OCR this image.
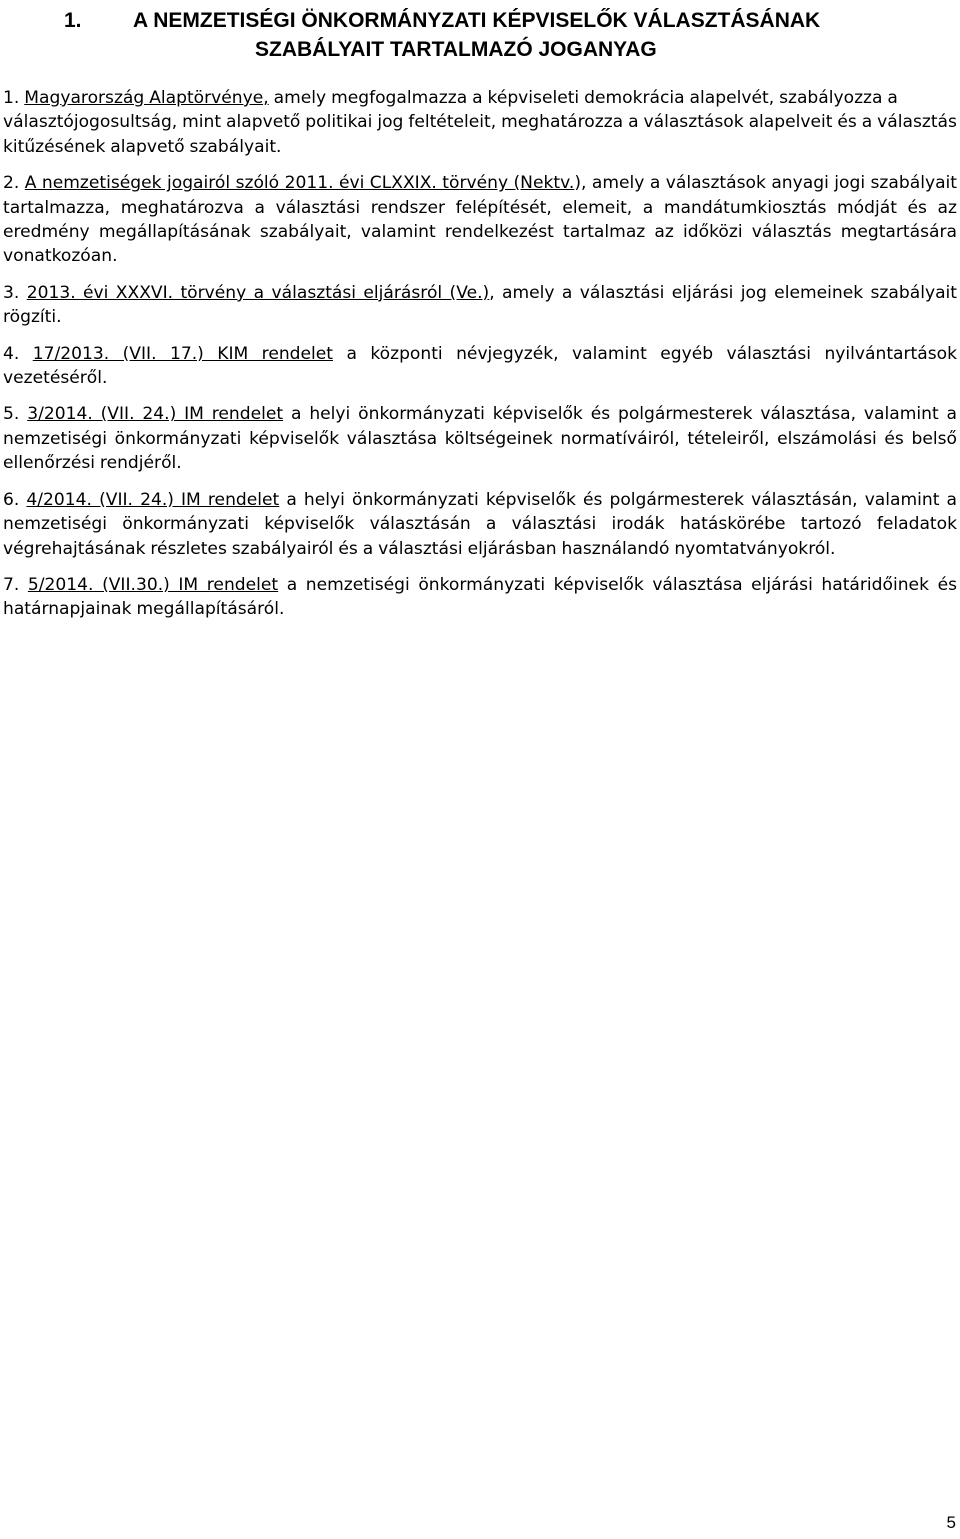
1. A NEMZETISÉGI ÖNKORMÁNYZATI KÉPVISELŐK VÁLASZTÁSÁNAK
SZABÁLYAIT TARTALMAZÓ JOGANYAG

1. Magyarország Alaptörvénye, amely megfogalmazza a képviseleti demokrácia alapelvét, szabályozza a választójogosultság, mint alapvető politikai jog feltételeit, meghatározza a választások alapelveit és a választás kitűzésének alapvető szabályait.

2. A nemzetiségek jogairól szóló 2011. évi CLXXIX. törvény (Nektv.), amely a választások anyagi jogi szabályait tartalmazza, meghatározva a választási rendszer felépítését, elemeit, a mandátumkiosztás módját és az eredmény megállapításának szabályait, valamint rendelkezést tartalmaz az időközi választás megtartására vonatkozóan.

3. 2013. évi XXXVI. törvény a választási eljárásról (Ve.), amely a választási eljárási jog elemeinek szabályait rögzíti.

4. 17/2013. (VII. 17.) KIM rendelet a központi névjegyzék, valamint egyéb választási nyilvántartások vezetéséről.

5. 3/2014. (VII. 24.) IM rendelet a helyi önkormányzati képviselők és polgármesterek választása, valamint a nemzetiségi önkormányzati képviselők választása költségeinek normatíváiról, tételeiről, elszámolási és belső ellenőrzési rendjéről.

6. 4/2014. (VII. 24.) IM rendelet a helyi önkormányzati képviselők és polgármesterek választásán, valamint a nemzetiségi önkormányzati képviselők választásán a választási irodák hatáskörébe tartozó feladatok végrehajtásának részletes szabályairól és a választási eljárásban használandó nyomtatványokról.

7. 5/2014. (VII.30.) IM rendelet a nemzetiségi önkormányzati képviselők választása eljárási határidőinek és határnapjainak megállapításáról.

5
